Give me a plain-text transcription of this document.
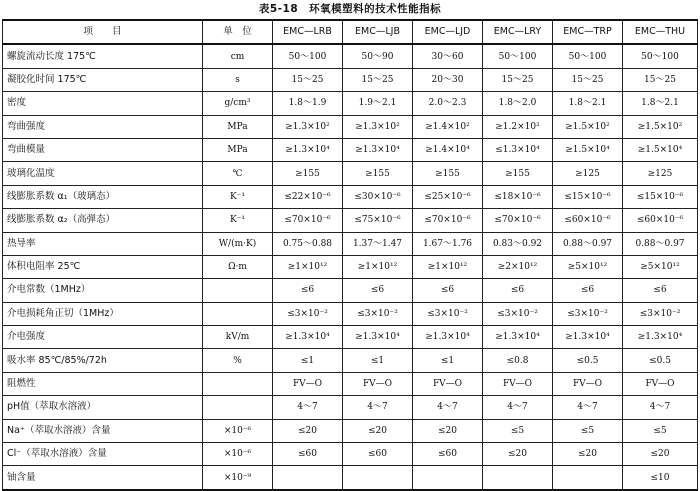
表5-18　环氧模塑料的技术性能指标
项　　目	单　位	EMC—LRB	EMC—LJB	EMC—LJD	EMC—LRY	EMC—TRP	EMC—THU
螺旋流动长度 175℃	cm	50～100	50～90	30～60	50～100	50～100	50～100
凝胶化时间 175℃	s	15～25	15～25	20～30	15～25	15～25	15～25
密度	g/cm³	1.8～1.9	1.9～2.1	2.0～2.3	1.8～2.0	1.8～2.1	1.8～2.1
弯曲强度	MPa	≥1.3×10²	≥1.3×10²	≥1.4×10²	≥1.2×10²	≥1.5×10²	≥1.5×10²
弯曲模量	MPa	≥1.3×10⁴	≥1.3×10⁴	≥1.4×10⁴	≤1.3×10⁴	≥1.5×10⁴	≥1.5×10⁴
玻璃化温度	℃	≥155	≥155	≥155	≥155	≥125	≥125
线膨胀系数 α₁（玻璃态）	K⁻¹	≤22×10⁻⁶	≤30×10⁻⁶	≤25×10⁻⁶	≤18×10⁻⁶	≤15×10⁻⁶	≤15×10⁻⁶
线膨胀系数 α₂（高弹态）	K⁻¹	≤70×10⁻⁶	≤75×10⁻⁶	≤70×10⁻⁶	≤70×10⁻⁶	≤60×10⁻⁶	≤60×10⁻⁶
热导率	W/(m·K)	0.75～0.88	1.37～1.47	1.67～1.76	0.83～0.92	0.88～0.97	0.88～0.97
体积电阻率 25℃	Ω·m	≥1×10¹²	≥1×10¹²	≥1×10¹²	≥2×10¹²	≥5×10¹²	≥5×10¹²
介电常数（1MHz）		≤6	≤6	≤6	≤6	≤6	≤6
介电损耗角正切（1MHz）		≤3×10⁻²	≤3×10⁻²	≤3×10⁻²	≤3×10⁻²	≤3×10⁻²	≤3×10⁻²
介电强度	kV/m	≥1.3×10⁴	≥1.3×10⁴	≥1.3×10⁴	≥1.3×10⁴	≥1.3×10⁴	≥1.3×10⁴
吸水率 85℃/85%/72h	%	≤1	≤1	≤1	≤0.8	≤0.5	≤0.5
阻燃性		FV—O	FV—O	FV—O	FV—O	FV—O	FV—O
pH值（萃取水溶液）		4～7	4～7	4～7	4～7	4～7	4～7
Na⁺（萃取水溶液）含量	×10⁻⁶	≤20	≤20	≤20	≤5	≤5	≤5
Cl⁻（萃取水溶液）含量	×10⁻⁶	≤60	≤60	≤60	≤20	≤20	≤20
铀含量	×10⁻⁹						≤10
